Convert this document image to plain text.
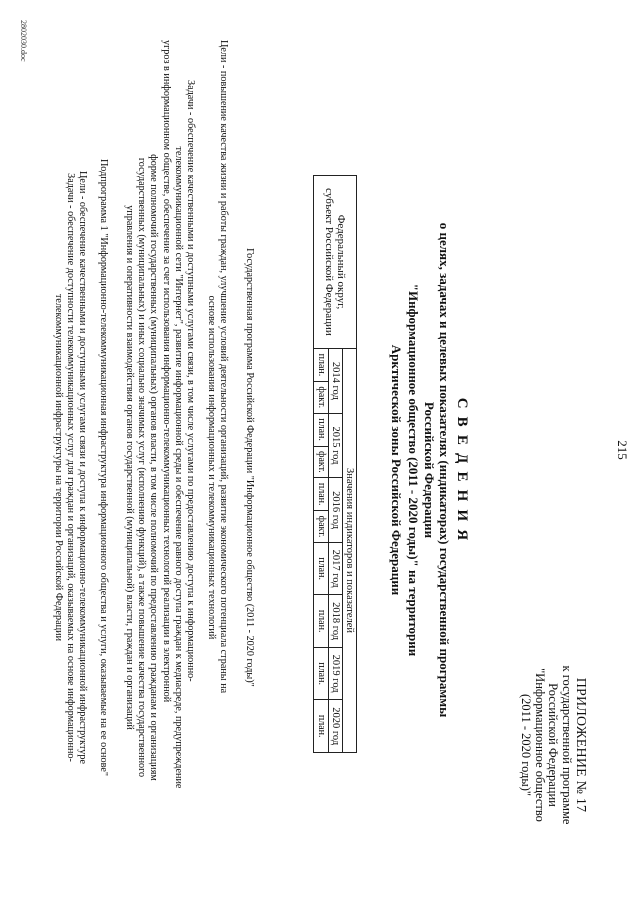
215
ПРИЛОЖЕНИЕ № 17
к государственной программе
Российской Федерации
"Информационное общество
(2011 - 2020 годы)"
С В Е Д Е Н И Я
о целях, задачах и целевых показателях (индикаторах) государственной программы Российской Федерации
"Информационное общество (2011 - 2020 годы)" на территории
Арктической зоны Российской Федерации
Федеральный округ,
субъект Российской Федерации	Значения индикаторов и показателей									
	2014 год		2015 год		2016 год		2017 год	2018 год	2019 год	2020 год
	план.	факт.	план.	факт.	план.	факт.	план.	план.	план.	план.

Государственная программа Российской Федерации "Информационное общество (2011 - 2020 годы)"

Цели - повышение качества жизни и работы граждан, улучшение условий деятельности организаций, развитие экономического потенциала страны на

основе использования информационных и телекоммуникационных технологий

Задачи - обеспечение качественными и доступными услугами связи, в том числе услугами по предоставлению доступа к информационно-

телекоммуникационной сети "Интернет", развитие информационной среды и обеспечение равного доступа граждан к медиасреде, предупреждение

угроз в информационном обществе, обеспечение за счет использования информационно-телекоммуникационных технологий реализации в электронной

форме полномочий государственных (муниципальных) органов власти, в том числе полномочий по предоставлению гражданам и организациям

государственных (муниципальных) и иных социально значимых услуг (исполнению функций), а также повышение качества государственного

управления и оперативности взаимодействия органов государственной (муниципальной) власти, граждан и организаций

Подпрограмма 1 "Информационно-телекоммуникационная инфраструктура информационного общества и услуги, оказываемые на ее основе"

Цели - обеспечение качественными и доступными услугами связи и доступа к информационно-телекоммуникационной инфраструктуре

Задачи - обеспечение доступности телекоммуникационных услуг для граждан и организаций, оказываемых на основе информационно-

телекоммуникационной инфраструктуры на территории Российской Федерации

2802030.doc
